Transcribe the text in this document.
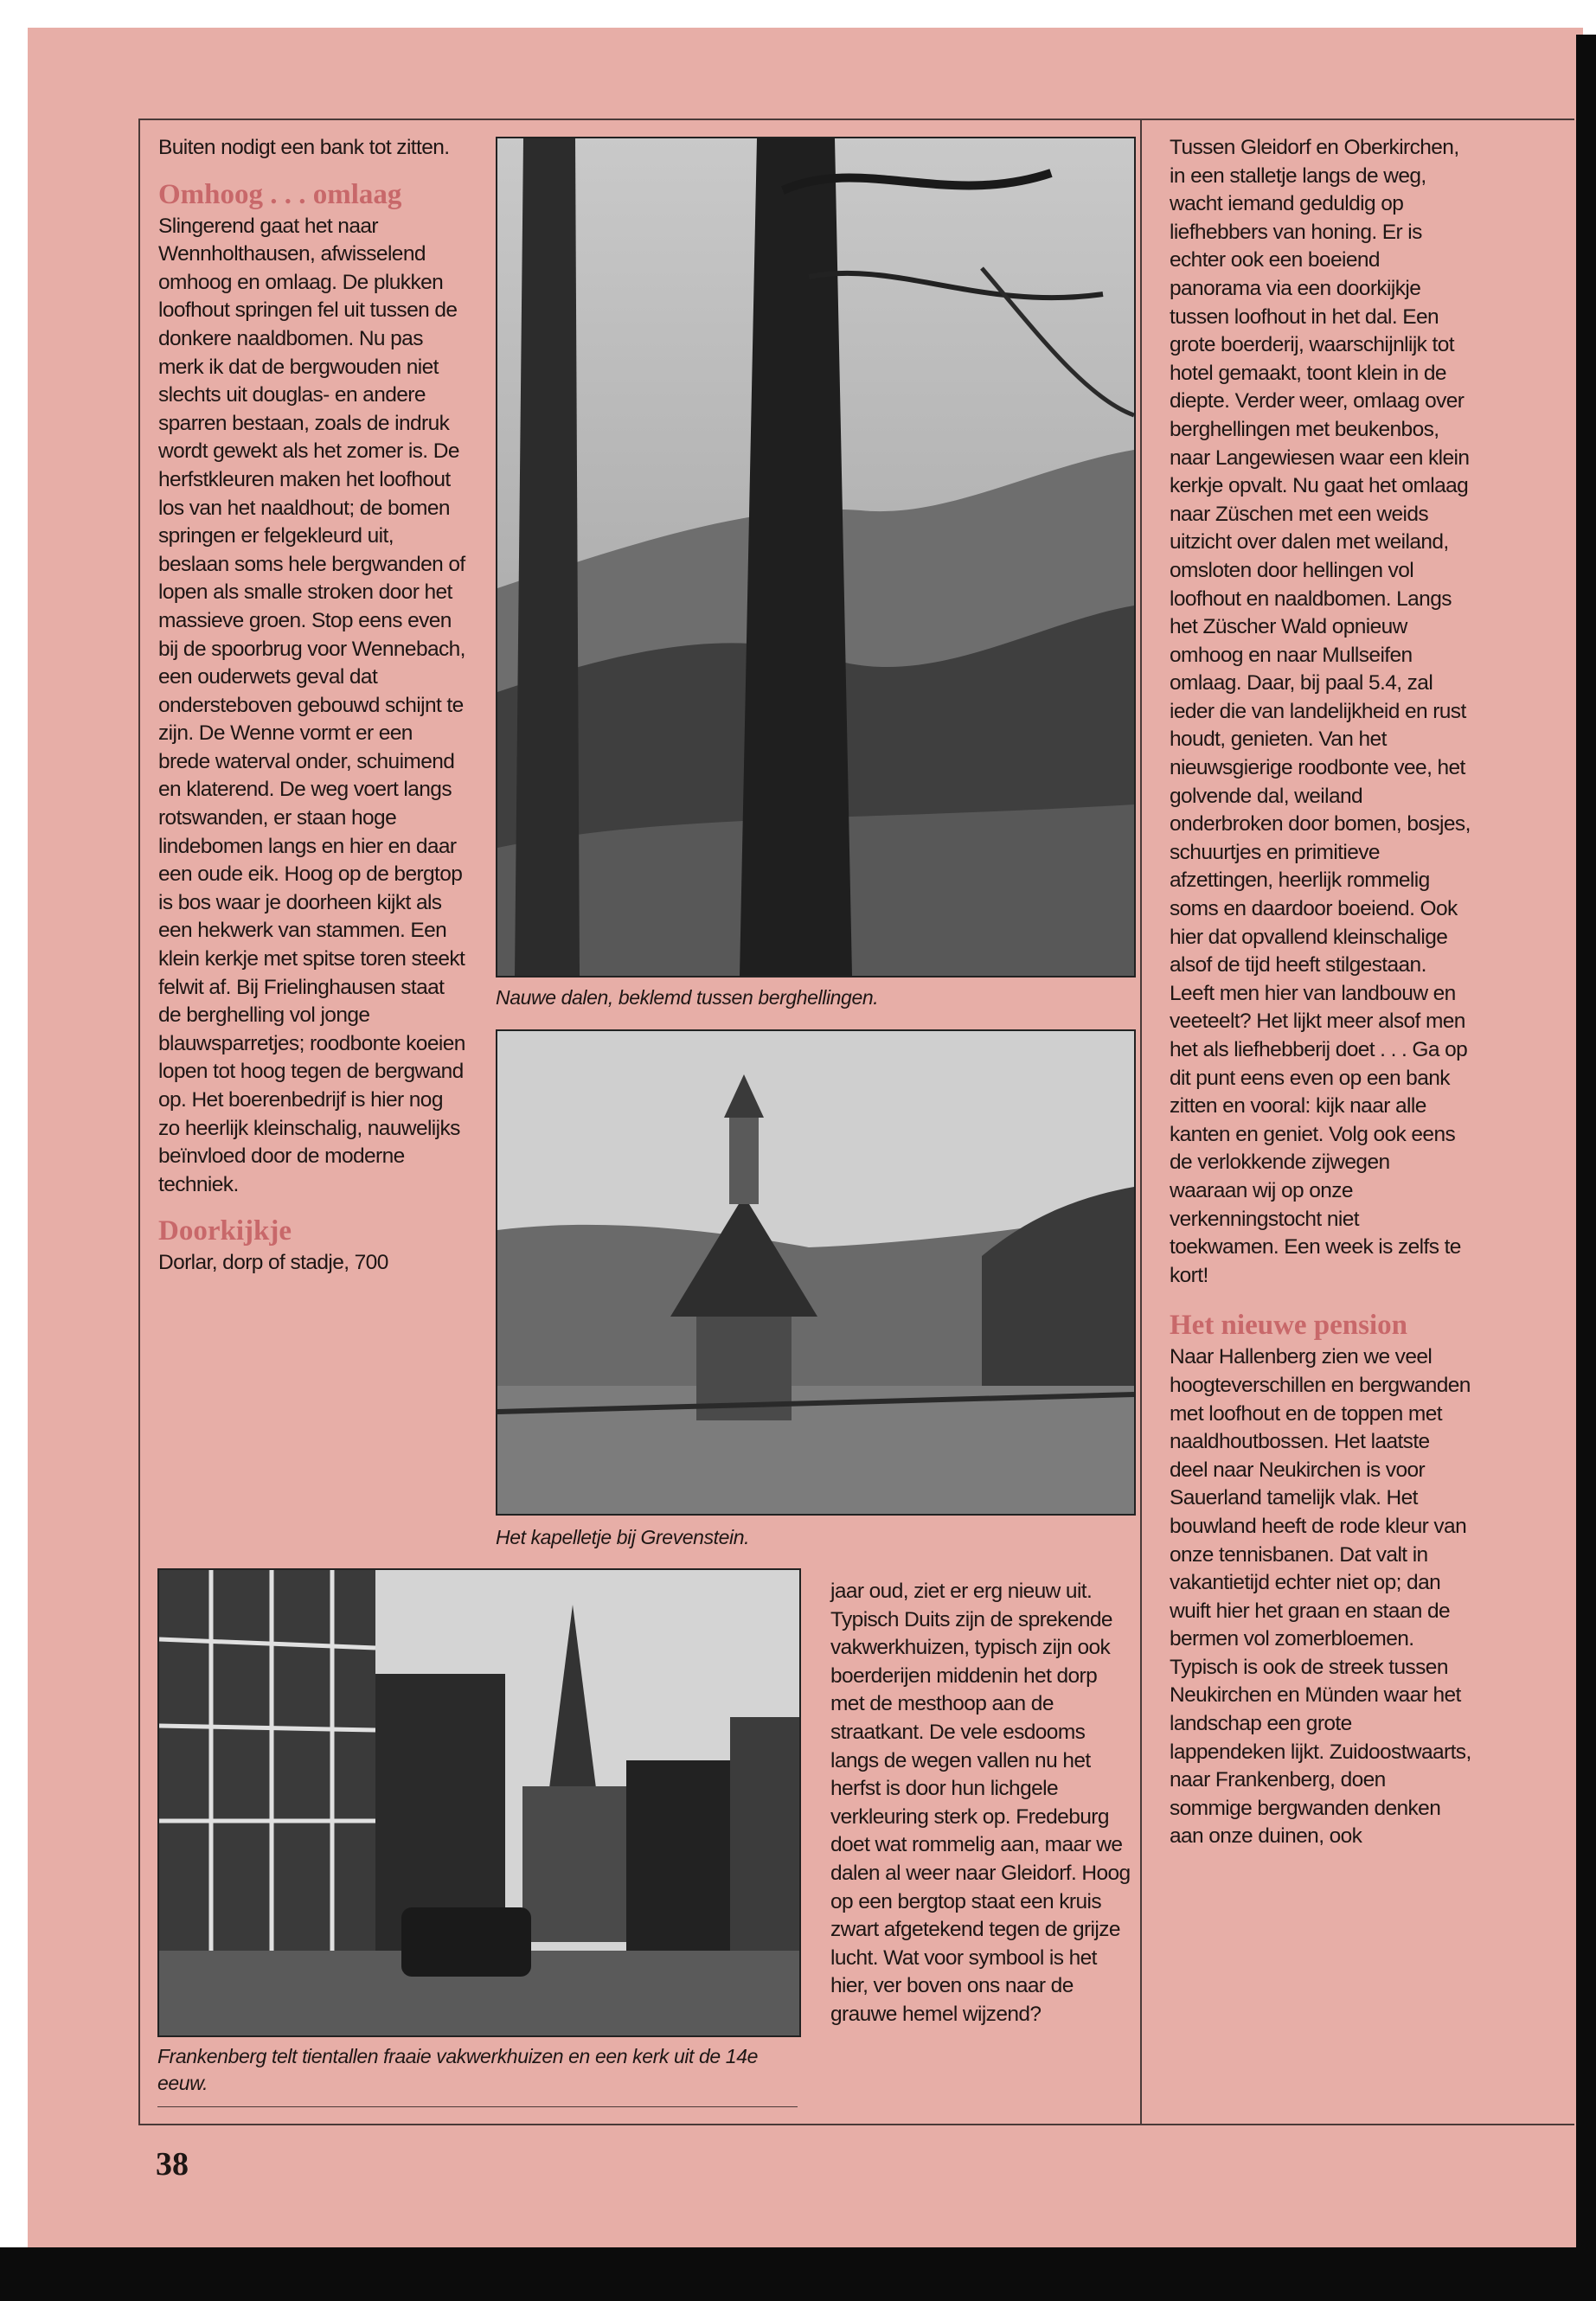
Buiten nodigt een bank tot zitten.

Omhoog . . . omlaag

Slingerend gaat het naar Wennholthausen, afwisselend omhoog en omlaag. De plukken loofhout springen fel uit tussen de donkere naaldbomen. Nu pas merk ik dat de bergwouden niet slechts uit douglas- en andere sparren bestaan, zoals de indruk wordt gewekt als het zomer is. De herfstkleuren maken het loofhout los van het naaldhout; de bomen springen er felgekleurd uit, beslaan soms hele bergwanden of lopen als smalle stroken door het massieve groen. Stop eens even bij de spoorbrug voor Wennebach, een ouderwets geval dat ondersteboven gebouwd schijnt te zijn. De Wenne vormt er een brede waterval onder, schuimend en klaterend. De weg voert langs rotswanden, er staan hoge lindebomen langs en hier en daar een oude eik. Hoog op de bergtop is bos waar je doorheen kijkt als een hekwerk van stammen. Een klein kerkje met spitse toren steekt felwit af. Bij Frielinghausen staat de berghelling vol jonge blauwsparretjes; roodbonte koeien lopen tot hoog tegen de bergwand op. Het boerenbedrijf is hier nog zo heerlijk kleinschalig, nauwelijks beïnvloed door de moderne techniek.

Doorkijkje

Dorlar, dorp of stadje, 700

Nauwe dalen, beklemd tussen berghellingen.
Het kapelletje bij Grevenstein.
Frankenberg telt tientallen fraaie vakwerkhuizen en een kerk uit de 14e eeuw.

jaar oud, ziet er erg nieuw uit. Typisch Duits zijn de sprekende vakwerkhuizen, typisch zijn ook boerderijen middenin het dorp met de mesthoop aan de straatkant. De vele esdooms langs de wegen vallen nu het herfst is door hun lichgele verkleuring sterk op. Fredeburg doet wat rommelig aan, maar we dalen al weer naar Gleidorf. Hoog op een bergtop staat een kruis zwart afgetekend tegen de grijze lucht. Wat voor symbool is het hier, ver boven ons naar de grauwe hemel wijzend?

Tussen Gleidorf en Oberkirchen, in een stalletje langs de weg, wacht iemand geduldig op liefhebbers van honing. Er is echter ook een boeiend panorama via een doorkijkje tussen loofhout in het dal. Een grote boerderij, waarschijnlijk tot hotel gemaakt, toont klein in de diepte. Verder weer, omlaag over berghellingen met beukenbos, naar Langewiesen waar een klein kerkje opvalt. Nu gaat het omlaag naar Züschen met een weids uitzicht over dalen met weiland, omsloten door hellingen vol loofhout en naaldbomen. Langs het Züscher Wald opnieuw omhoog en naar Mullseifen omlaag. Daar, bij paal 5.4, zal ieder die van landelijkheid en rust houdt, genieten. Van het nieuwsgierige roodbonte vee, het golvende dal, weiland onderbroken door bomen, bosjes, schuurtjes en primitieve afzettingen, heerlijk rommelig soms en daardoor boeiend. Ook hier dat opvallend kleinschalige alsof de tijd heeft stilgestaan. Leeft men hier van landbouw en veeteelt? Het lijkt meer alsof men het als liefhebberij doet . . . Ga op dit punt eens even op een bank zitten en vooral: kijk naar alle kanten en geniet. Volg ook eens de verlokkende zijwegen waaraan wij op onze verkenningstocht niet toekwamen. Een week is zelfs te kort!

Het nieuwe pension

Naar Hallenberg zien we veel hoogteverschillen en bergwanden met loofhout en de toppen met naaldhoutbossen. Het laatste deel naar Neukirchen is voor Sauerland tamelijk vlak. Het bouwland heeft de rode kleur van onze tennisbanen. Dat valt in vakantietijd echter niet op; dan wuift hier het graan en staan de bermen vol zomerbloemen. Typisch is ook de streek tussen Neukirchen en Münden waar het landschap een grote lappendeken lijkt. Zuidoostwaarts, naar Frankenberg, doen sommige bergwanden denken aan onze duinen, ook

38
